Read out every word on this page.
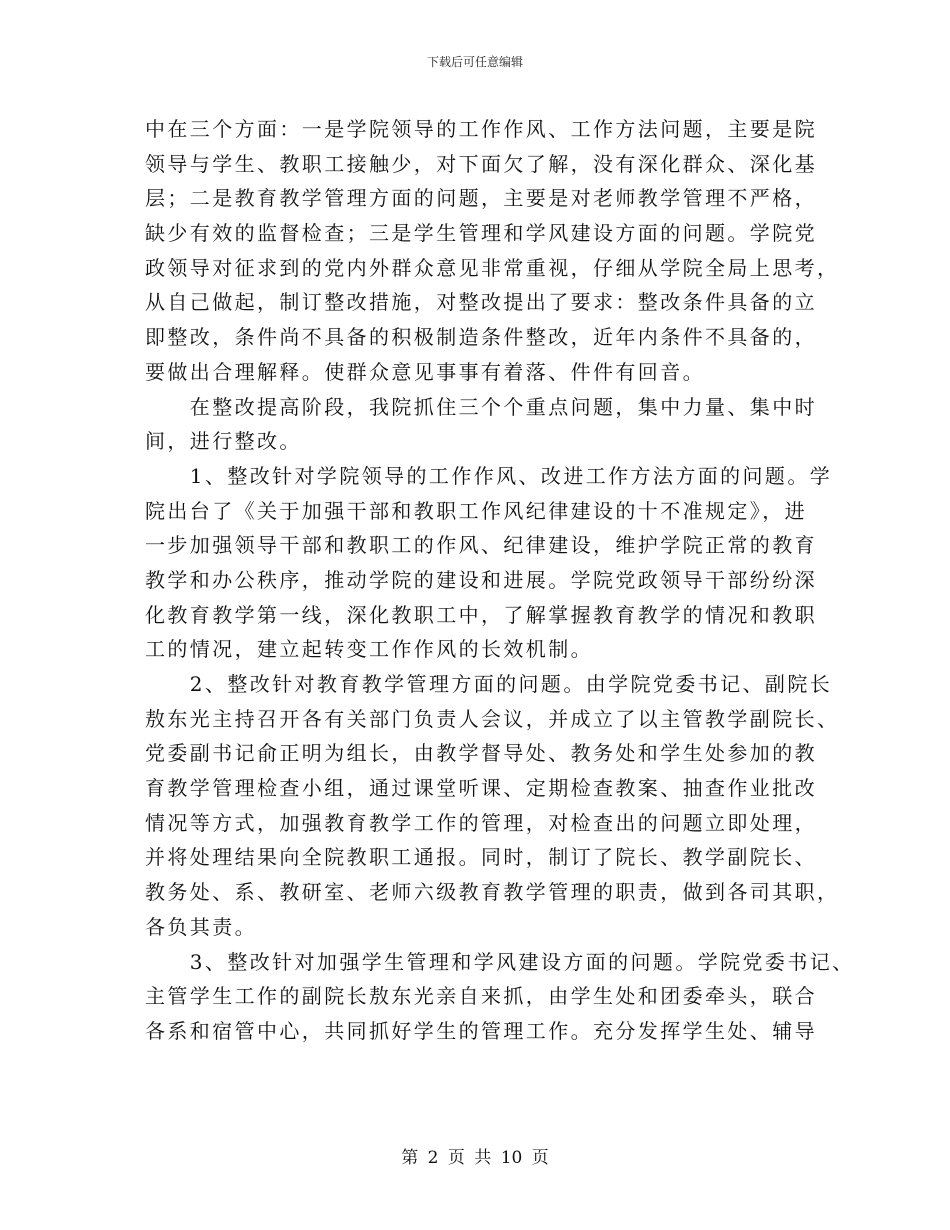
下载后可任意编辑
中在三个方面：一是学院领导的工作作风、工作方法问题，主要是院
领导与学生、教职工接触少，对下面欠了解，没有深化群众、深化基
层；二是教育教学管理方面的问题，主要是对老师教学管理不严格，
缺少有效的监督检查；三是学生管理和学风建设方面的问题。学院党
政领导对征求到的党内外群众意见非常重视，仔细从学院全局上思考，
从自己做起，制订整改措施，对整改提出了要求：整改条件具备的立
即整改，条件尚不具备的积极制造条件整改，近年内条件不具备的，
要做出合理解释。使群众意见事事有着落、件件有回音。
　　在整改提高阶段，我院抓住三个个重点问题，集中力量、集中时
间，进行整改。
　　1、整改针对学院领导的工作作风、改进工作方法方面的问题。学
院出台了《关于加强干部和教职工作风纪律建设的十不准规定》，进
一步加强领导干部和教职工的作风、纪律建设，维护学院正常的教育
教学和办公秩序，推动学院的建设和进展。学院党政领导干部纷纷深
化教育教学第一线，深化教职工中，了解掌握教育教学的情况和教职
工的情况，建立起转变工作作风的长效机制。
　　2、整改针对教育教学管理方面的问题。由学院党委书记、副院长
敖东光主持召开各有关部门负责人会议，并成立了以主管教学副院长、
党委副书记俞正明为组长，由教学督导处、教务处和学生处参加的教
育教学管理检查小组，通过课堂听课、定期检查教案、抽查作业批改
情况等方式，加强教育教学工作的管理，对检查出的问题立即处理，
并将处理结果向全院教职工通报。同时，制订了院长、教学副院长、
教务处、系、教研室、老师六级教育教学管理的职责，做到各司其职，
各负其责。
　　3、整改针对加强学生管理和学风建设方面的问题。学院党委书记、
主管学生工作的副院长敖东光亲自来抓，由学生处和团委牵头，联合
各系和宿管中心，共同抓好学生的管理工作。充分发挥学生处、辅导
第 2 页 共 10 页
